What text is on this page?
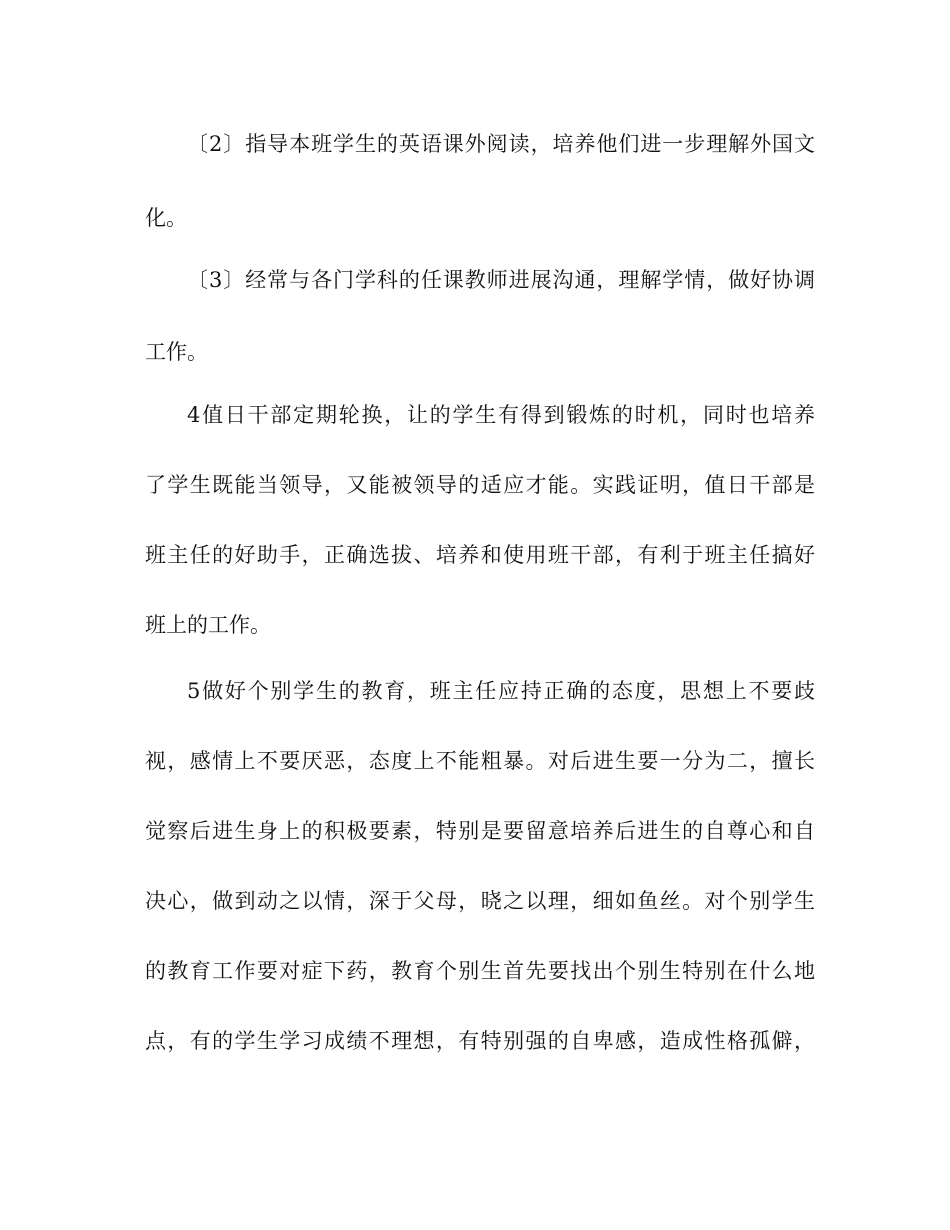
〔2〕指导本班学生的英语课外阅读，培养他们进一步理解外国文
化。
〔3〕经常与各门学科的任课教师进展沟通，理解学情，做好协调
工作。
4值日干部定期轮换，让的学生有得到锻炼的时机，同时也培养
了学生既能当领导，又能被领导的适应才能。实践证明，值日干部是
班主任的好助手，正确选拔、培养和使用班干部，有利于班主任搞好
班上的工作。
5做好个别学生的教育，班主任应持正确的态度，思想上不要歧
视，感情上不要厌恶，态度上不能粗暴。对后进生要一分为二，擅长
觉察后进生身上的积极要素，特别是要留意培养后进生的自尊心和自
决心，做到动之以情，深于父母，晓之以理，细如鱼丝。对个别学生
的教育工作要对症下药，教育个别生首先要找出个别生特别在什么地
点，有的学生学习成绩不理想，有特别强的自卑感，造成性格孤僻，
